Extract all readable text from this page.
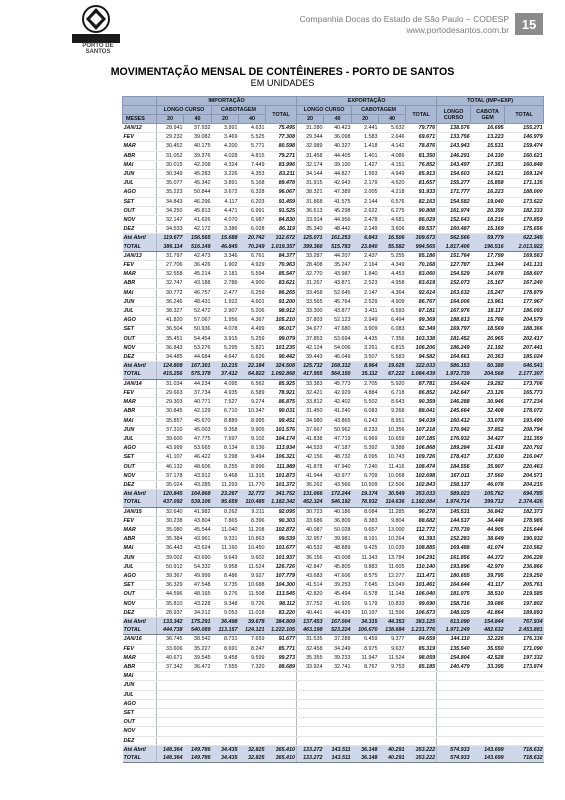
PORTO DE SANTOS
Companhia Docas do Estado de São Paulo – CODESP
www.portodesantos.com.br 15
MOVIMENTAÇÃO MENSAL DE CONTÊINERES - PORTO DE SANTOS
EM UNIDADES
	IMPORTAÇÃO					EXPORTAÇÃO					TOTAL (IMP+EXP)		
	LONGO CURSO		CABOTAGEM		TOTAL	LONGO CURSO		CABOTAGEM		TOTAL	LONGO CURSO	CABOTA GEM	TOTAL
MESES	20	40	20	40		20	40	20	40				
JAN/12	28.941	37.932	3.991	4.631	75.495	31.280	40.423	2.441	5.632	79.776	138.576	16.695	155.271
FEV	29.232	39.082	3.469	5.525	77.308	29.344	36.098	1.583	2.646	69.671	133.756	13.223	146.979
MAR	30.452	40.175	4.200	5.771	80.598	32.989	40.327	1.418	4.142	78.876	143.943	15.531	159.474
ABR	31.052	39.376	4.028	4.815	79.271	31.458	44.405	1.401	4.086	81.350	146.291	14.330	160.621
MAI	30.015	42.208	4.324	7.449	83.996	32.174	39.100	1.427	4.151	76.852	143.497	17.351	160.848
JUN	30.349	45.283	3.226	4.353	83.211	34.144	44.827	1.993	4.949	85.913	154.603	14.521	169.124
JUL	35.077	45.342	3.891	5.168	89.478	31.915	42.943	2.179	4.620	81.657	155.277	15.858	171.135
AGO	35.223	50.844	3.672	6.328	96.067	38.321	47.389	2.005	4.218	91.933	171.777	16.223	188.000
SET	34.843	46.296	4.117	6.203	91.459	31.868	41.575	2.144	6.576	82.163	154.582	19.040	173.622
OUT	34.250	45.813	4.471	6.991	91.525	36.613	45.298	2.622	6.275	90.808	161.974	20.359	182.333
NOV	32.147	41.626	4.070	6.987	84.830	33.914	44.956	2.478	4.681	86.029	152.643	18.216	170.859
DEZ	34.533	42.172	3.386	6.028	86.119	35.340	48.442	2.149	3.606	89.537	160.487	15.169	175.656
Até Abril	119.677	156.565	15.688	20.742	312.672	125.071	161.253	6.843	16.506	309.673	562.566	59.779	622.345
TOTAL	386.114	516.149	46.845	70.249	1.019.357	399.360	515.783	23.840	55.582	994.565	1.817.406	196.516	2.013.922
JAN/13	31.797	42.473	3.346	6.761	84.377	33.287	44.207	2.437	5.255	85.186	151.764	17.799	169.563
FEV	27.706	36.426	1.902	4.929	70.963	28.408	35.247	2.164	4.349	70.168	127.787	13.344	141.131
MAR	32.558	45.214	2.181	5.594	85.547	32.770	43.987	1.840	4.453	83.060	154.529	14.078	168.607
ABR	32.747	43.188	2.786	4.900	83.621	31.267	43.871	2.523	4.958	83.619	152.073	15.167	167.240
MAI	30.772	46.757	2.477	6.259	86.265	33.458	52.645	2.147	4.364	92.614	163.632	15.247	178.879
JUN	36.246	48.431	1.922	4.601	91.200	33.565	45.764	2.529	4.909	86.767	164.006	13.961	177.967
JUL	38.327	52.472	2.907	5.206	98.912	33.300	43.877	3.411	6.593	87.181	167.976	18.117	186.093
AGO	41.820	57.067	1.956	4.367	105.210	37.803	52.123	2.949	6.494	99.369	188.813	15.766	204.579
SET	36.504	50.936	4.078	4.499	96.017	34.677	47.680	3.909	6.083	92.349	169.797	18.569	188.366
OUT	35.451	54.454	3.915	5.259	99.079	37.853	53.694	4.435	7.356	103.338	181.452	20.965	202.417
NOV	36.843	53.276	5.295	5.821	101.235	42.124	54.006	3.261	6.815	106.206	186.249	21.192	207.441
DEZ	34.485	44.684	4.647	6.626	90.442	39.443	46.049	3.507	5.583	94.582	164.661	20.363	185.024
Até Abril	124.808	167.301	10.215	22.184	324.508	125.732	168.312	8.964	19.025	322.033	586.153	60.388	646.541
TOTAL	415.256	575.378	37.412	64.822	1.092.868	417.955	564.150	35.112	67.222	1.084.439	1.972.739	204.568	2.177.307
JAN/14	31.034	44.234	4.095	6.562	85.925	33.383	45.773	2.705	5.920	87.781	154.424	19.282	173.706
FEV	29.663	37.734	4.935	6.589	78.921	32.421	42.929	4.884	6.718	86.852	142.647	23.126	165.773
MAR	29.303	40.771	7.527	9.274	86.875	33.812	42.402	5.502	8.643	90.359	146.288	30.946	177.234
ABR	30.845	42.129	6.710	10.347	90.031	31.450	41.240	6.083	9.268	88.041	145.664	32.408	178.072
MAI	35.857	45.670	8.889	8.995	99.451	34.980	43.865	6.243	8.951	94.039	160.412	33.078	193.490
JUN	37.310	45.003	9.358	9.905	101.576	37.667	50.962	8.233	10.356	107.218	170.942	37.852	208.794
JUL	39.600	47.775	7.697	9.102	104.174	41.838	47.719	6.969	10.659	107.185	176.932	34.427	211.359
AGO	43.999	53.665	8.134	8.136	113.934	44.533	47.187	5.392	9.388	106.868	189.284	31.418	220.702
SET	41.107	46.422	9.298	9.494	106.321	42.156	48.732	8.095	10.743	109.726	178.417	37.630	216.047
OUT	46.132	48.606	8.255	8.996	111.989	41.878	47.940	7.240	11.416	108.474	184.556	35.907	220.463
NOV	37.178	43.912	9.468	11.315	101.873	41.944	43.977	6.709	10.068	102.698	167.011	37.560	204.571
DEZ	35.024	43.285	11.293	11.770	101.372	36.262	43.566	10.509	12.506	102.843	158.137	46.078	204.215
Até Abril	120.845	164.868	23.267	32.772	341.752	131.066	172.244	19.174	30.549	353.033	589.023	105.762	694.785
TOTAL	437.092	539.106	95.659	110.485	1.182.342	452.324	546.192	78.932	114.636	1.192.084	1.974.714	399.712	2.374.426
JAN/15	32.640	41.982	8.262	9.211	92.095	30.723	40.186	8.084	11.285	90.278	145.531	36.842	182.373
FEV	30.238	43.804	7.865	8.396	90.303	33.686	36.809	8.383	9.804	88.682	144.537	34.448	178.985
MAR	35.080	45.544	11.040	11.208	102.872	40.087	50.028	9.657	13.000	112.772	170.739	44.905	215.644
ABR	35.384	43.961	9.331	10.863	99.539	32.957	39.981	8.191	10.264	91.393	152.283	38.649	190.932
MAI	36.443	43.624	11.160	10.450	101.677	40.532	48.889	9.425	10.039	108.885	169.488	41.074	210.562
JUN	39.002	43.690	9.643	9.602	101.937	36.156	43.008	11.343	13.784	104.291	161.856	44.372	206.228
JUL	50.912	54.332	9.958	11.524	126.726	42.847	45.805	9.883	11.605	110.140	193.896	42.970	236.866
AGO	39.367	49.999	8.486	9.927	107.779	43.683	47.606	8.575	12.277	111.471	180.655	39.795	219.250
SET	36.329	47.548	9.735	10.688	104.300	41.514	39.253	7.645	13.049	101.461	164.644	41.117	205.761
OUT	44.596	48.165	9.276	11.508	113.545	42.820	45.494	6.578	11.148	106.040	181.075	38.510	219.585
NOV	35.810	43.228	9.348	9.726	98.112	37.752	41.926	9.179	10.833	99.690	158.716	39.086	197.802
DEZ	28.937	34.212	9.053	11.018	83.220	40.441	44.439	10.197	11.596	106.673	148.029	41.864	189.893
Até Abril	133.342	175.291	36.498	39.678	384.809	137.453	167.004	34.315	44.353	383.125	613.090	154.844	767.934
TOTAL	444.738	540.089	113.157	124.121	1.222.105	463.198	523.224	106.670	138.684	1.231.776	1.971.249	482.632	2.453.881
JAN/16	36.745	38.542	8.731	7.659	91.677	31.535	37.288	6.459	9.377	84.659	144.110	32.226	176.336
FEV	33.606	35.227	8.691	8.247	85.771	32.458	34.249	8.975	9.637	85.319	135.540	35.550	171.090
MAR	40.671	39.545	9.458	9.599	99.273	35.355	39.233	11.947	11.524	98.059	154.804	42.528	197.332
ABR	37.342	36.472	7.555	7.320	88.689	33.924	32.741	8.767	9.753	85.185	140.479	33.395	173.874
MAI													
JUN													
JUL													
AGO													
SET													
OUT													
NOV													
DEZ													
Até Abril	148.364	149.786	34.435	32.825	365.410	133.272	143.511	36.148	40.291	353.222	574.933	143.699	718.632
TOTAL	148.364	149.786	34.435	32.825	365.410	133.272	143.511	36.148	40.291	353.222	574.933	143.699	718.632
